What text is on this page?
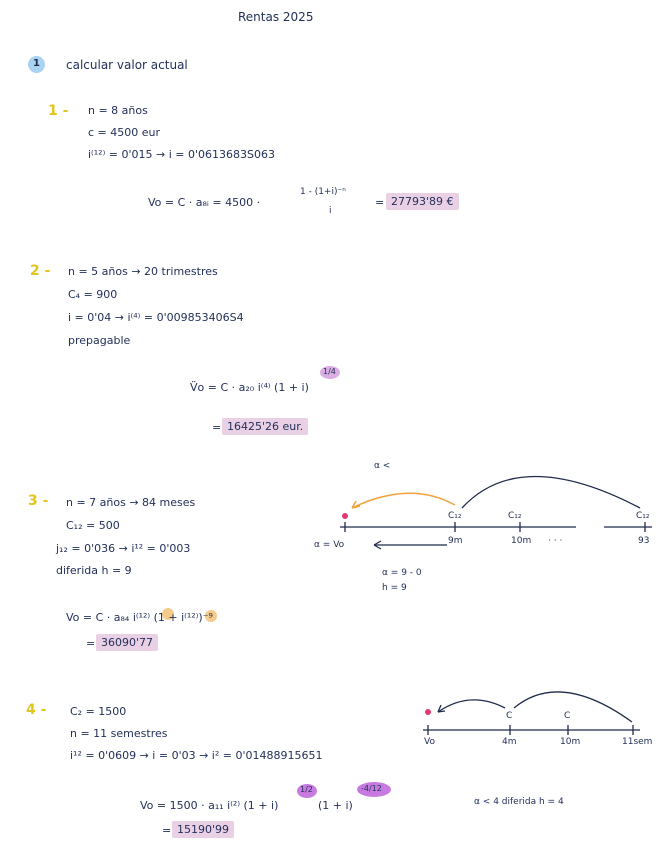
Rentas 2025
1 calcular valor actual
1 - n = 8 años
c = 4500 eur
i⁽¹²⁾ = 0'015 → i = 0'0613683S063
Vo = C · a₈ᵢ = 4500 ·
1 - (1+i)⁻ⁿ
i
= 27793'89 €
2 - n = 5 años → 20 trimestres
C₄ = 900
i = 0'04 → i⁽⁴⁾ = 0'009853406S4
prepagable
V̈o = C · a₂₀ i⁽⁴⁾ (1 + i)
1/4
= 16425'26 eur.
3 - n = 7 años → 84 meses
C₁₂ = 500
j₁₂ = 0'036 → i¹² = 0'003
diferida h = 9
Vo = C · a₈₄ i⁽¹²⁾ (1 + i⁽¹²⁾)⁻⁹
= 36090'77
α <
C₁₂	C₁₂	C₁₂
9m	10m · · ·	93
α = Vo
α = 9 - 0
h = 9
4 - C₂ = 1500
n = 11 semestres
i¹² = 0'0609 → i = 0'03 → i² = 0'01488915651
Vo = 1500 · a₁₁ i⁽²⁾ (1 + i)
1/2
(1 + i)
-4/12
= 15190'99
α < 4 diferida h = 4
Vo
C	C
4m	10m	11sem
